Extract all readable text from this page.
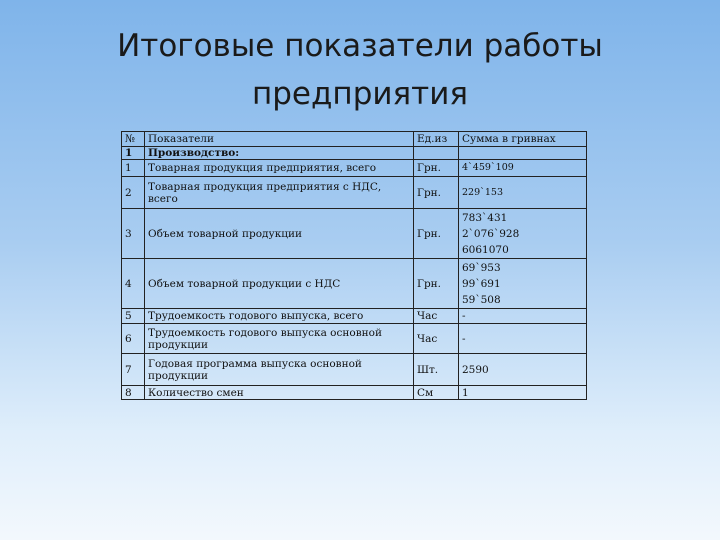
Итоговые показатели работы
предприятия
№	Показатели	Ед.из	Сумма в гривнах
1	Производство:		
1	Товарная продукция предприятия, всего	Грн.	4`459`109
2	Товарная продукция предприятия с НДС, всего	Грн.	229`153
3	Объем товарной продукции	Грн.	783`431
2`076`928
6061070

4	Объем товарной продукции с НДС	Грн.	69`953
99`691
59`508

5	Трудоемкость годового выпуска, всего	Час	-
6	Трудоемкость годового выпуска основной продукции	Час	-
7	Годовая программа выпуска основной продукции	Шт.	2590
8	Количество смен	См	1
